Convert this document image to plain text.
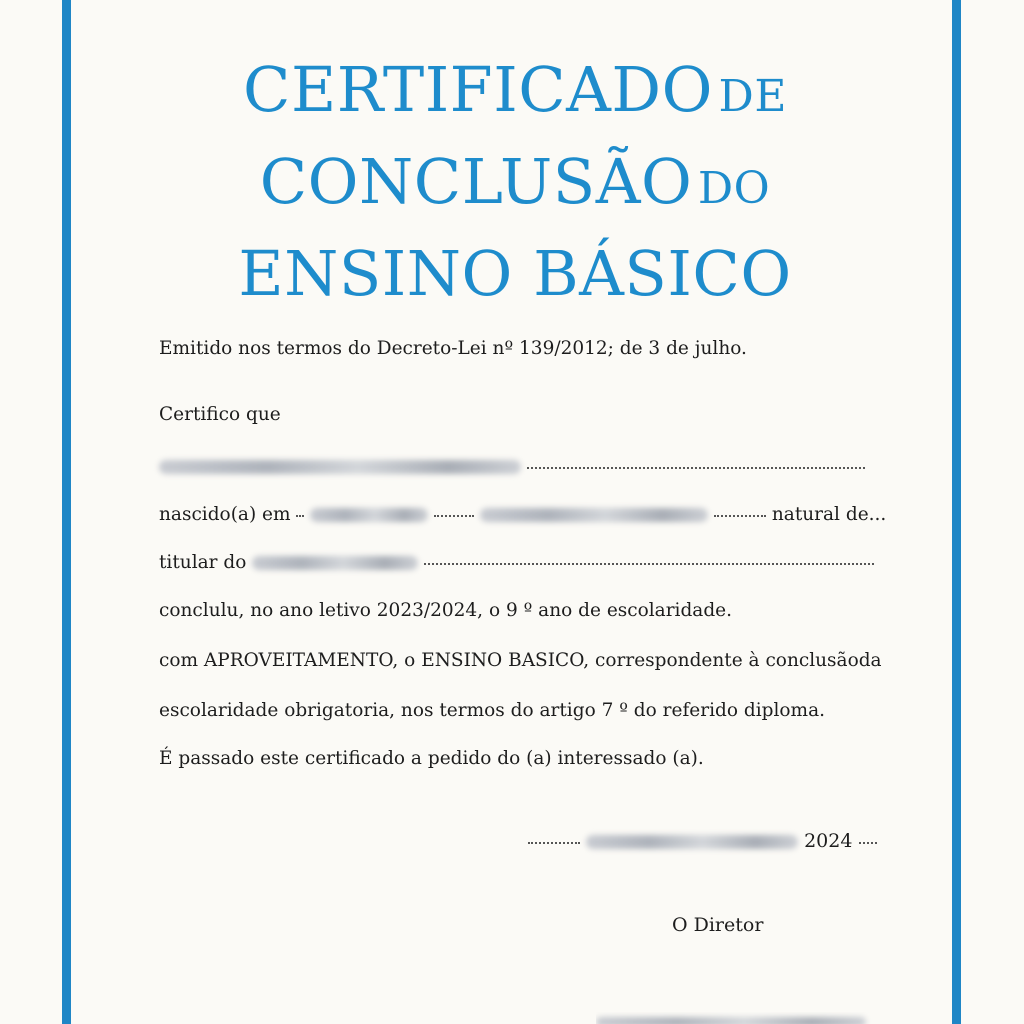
CERTIFICADO DE
CONCLUSÃO DO
ENSINO BÁSICO
Emitido nos termos do Decreto-Lei nº 139/2012; de 3 de julho.
Certifico que

nascido(a) em	natural de...
titular do
conclulu, no ano letivo 2023/2024, o 9 º ano de escolaridade.
com APROVEITAMENTO, o ENSINO BASICO, correspondente à conclusãoda
escolaridade obrigatoria, nos termos do artigo 7 º do referido diploma.
É passado este certificado a pedido do (a) interessado (a).
2024
O Diretor
